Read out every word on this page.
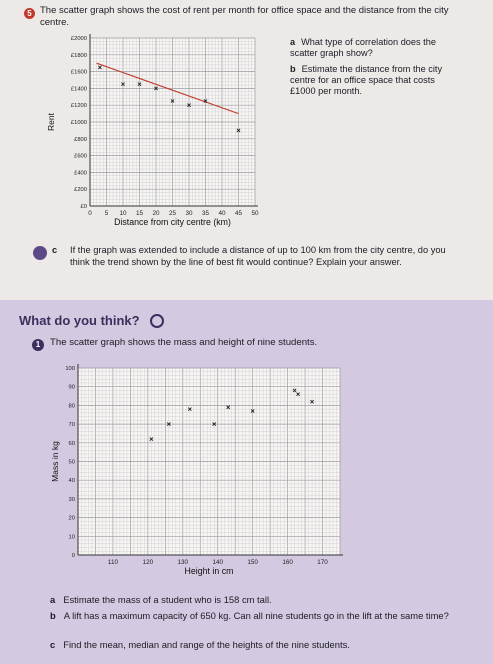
5 The scatter graph shows the cost of rent per month for office space and the distance from the city centre.
0 5 10 15 20 25 30 35 40 45 50
£0
£200
£400
£600
£800
£1000
£1200
£1400
£1600
£1800
£2000
Distance from city centre (km)
Rent
a What type of correlation does the scatter graph show?
b Estimate the distance from the city centre for an office space that costs £1000 per month.
c If the graph was extended to include a distance of up to 100 km from the city centre, do you think the trend shown by the line of best fit would continue? Explain your answer.
What do you think?
1	The scatter graph shows the mass and height of nine students.
110	120	130	140	150	160	170
0
10
20
30
40
50
60
70
80
90
100
Height in cm
Mass in kg
a Estimate the mass of a student who is 158 cm tall.
b A lift has a maximum capacity of 650 kg. Can all nine students go in the lift at the same time?
c Find the mean, median and range of the heights of the nine students.
